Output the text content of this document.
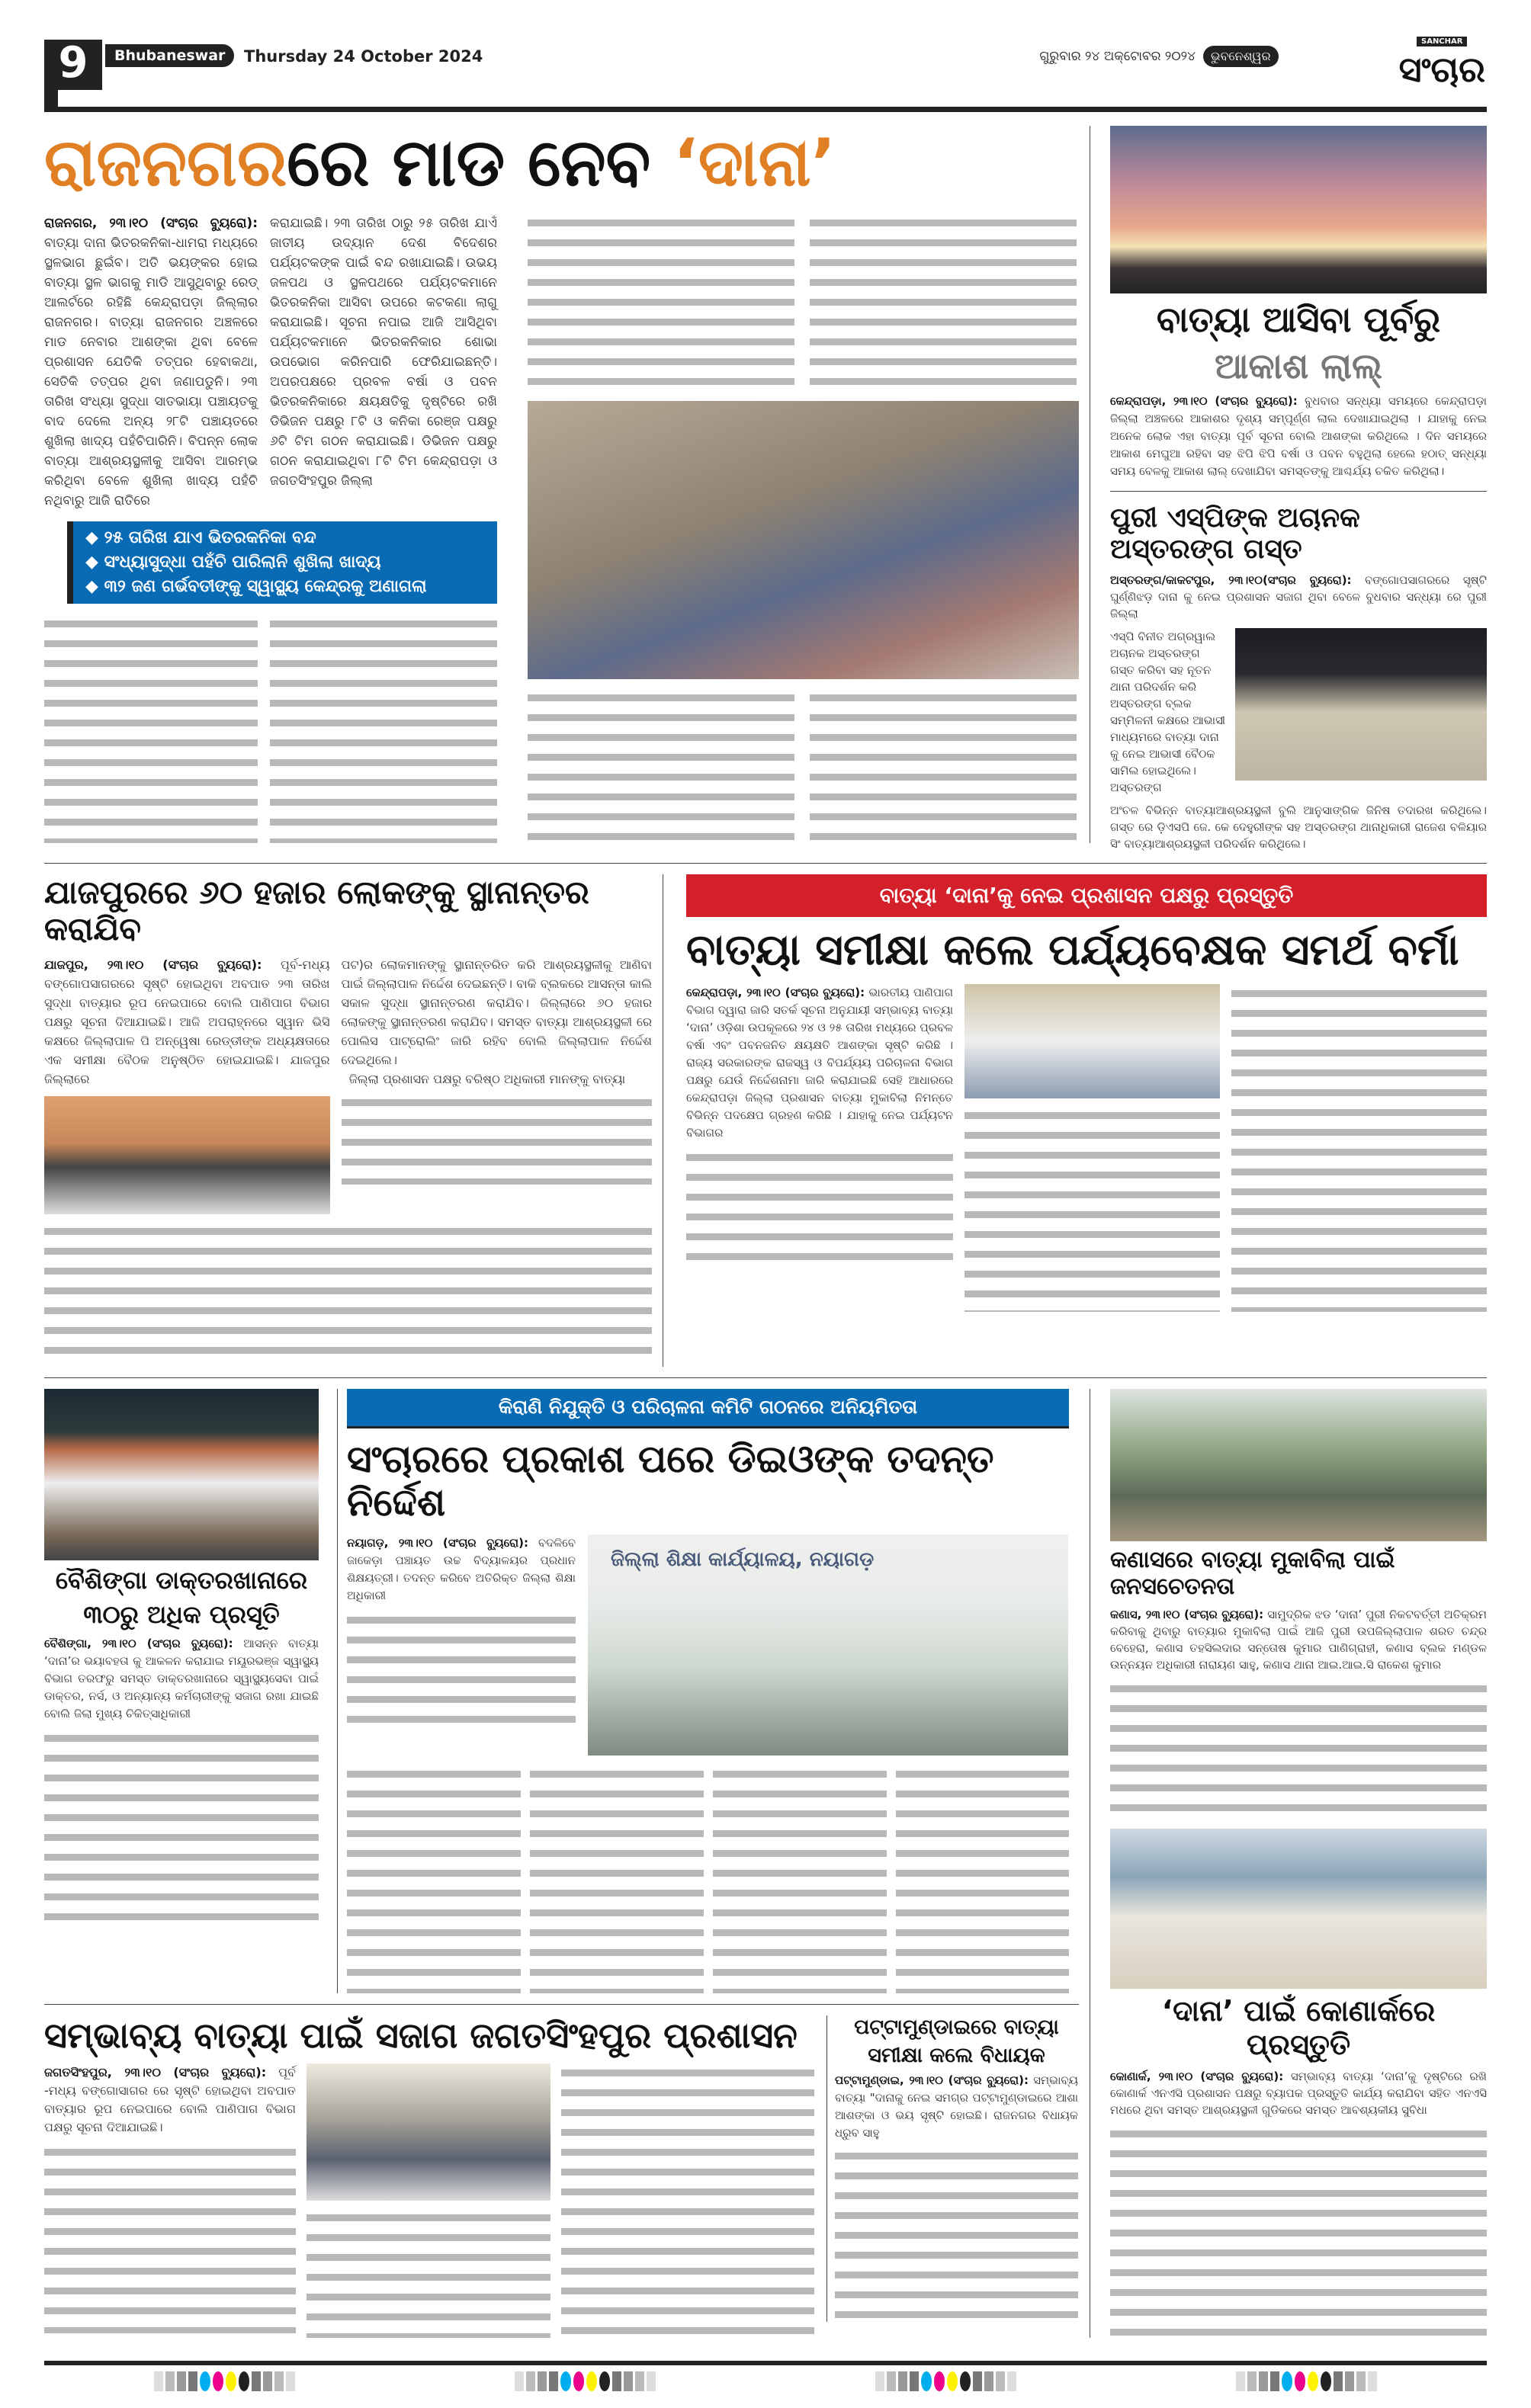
9	Bhubaneswar	Thursday 24 October 2024	ଗୁରୁବାର ୨୪ ଅକ୍ଟୋବର ୨୦୨୪	ଭୁବନେଶ୍ୱର
SANCHAR
ସଂଚାର
ରାଜନଗରରେ ମାଡ ନେବ ‘ଦାନା’
ରାଜନଗର, ୨୩।୧୦ (ସଂଚାର ବ୍ୟୁରୋ): ବାତ୍ୟା ଦାନା ଭିତରକନିକା-ଧାମରା ମଧ୍ୟରେ ସ୍ଥଳଭାଗ ଛୁଇଁବ। ଅତି ଭୟଙ୍କର ହୋଇ ବାତ୍ୟା ସ୍ଥଳ ଭାଗକୁ ମାଡି ଆସୁଥିବାରୁ ରେଡ୍ ଆଲର୍ଟରେ ରହିଛି କେନ୍ଦ୍ରାପଡ଼ା ଜିଲ୍ଲାର ରାଜନଗର। ବାତ୍ୟା ରାଜନଗର ଅଞ୍ଚଳରେ ମାଡ ନେବାର ଆଶଙ୍କା ଥିବା ବେଳେ ପ୍ରଶାସନ ଯେତିକି ତତ୍ପର ହେବାକଥା, ସେତିକି ତତ୍ପର ଥିବା ଜଣାପଡୁନି। ୨୩ ତାରିଖ ସଂଧ୍ୟା ସୁଦ୍ଧା ସାତଭାୟା ପଞ୍ଚାୟତକୁ ବାଦ ଦେଲେ ଅନ୍ୟ ୨୮ଟି ପଞ୍ଚାୟତରେ ଶୁଖିଲା ଖାଦ୍ୟ ପହଁଚିପାରିନି। ବିପନ୍ନ ଲୋକ ବାତ୍ୟା ଆଶ୍ରୟସ୍ଥଳୀକୁ ଆସିବା ଆରମ୍ଭ କରିଥିବା ବେଳେ ଶୁଖିଲା ଖାଦ୍ୟ ପହଁଚି ନଥିବାରୁ ଆଜି ରାତିରେ
କରାଯାଇଛି। ୨୩ ତାରିଖ ଠାରୁ ୨୫ ତାରିଖ ଯାଏଁ ଜାତୀୟ ଉଦ୍ୟାନ ଦେଶ ବିଦେଶର ପର୍ଯ୍ୟଟକଙ୍କ ପାଇଁ ବନ୍ଦ ରଖାଯାଇଛି। ଉଭୟ ଜଳପଥ ଓ ସ୍ଥଳପଥରେ ପର୍ଯ୍ୟଟକମାନେ ଭିତରକନିକା ଆସିବା ଉପରେ କଟକଣା ଲାଗୁ କରାଯାଇଛି। ସୂଚନା ନପାଇ ଆଜି ଆସିଥିବା ପର୍ଯ୍ୟଟକମାନେ ଭିତରକନିକାର ଶୋଭା ଉପଭୋଗ କରିନପାରି ଫେରିଯାଇଛନ୍ତି। ଅପରପକ୍ଷରେ ପ୍ରବଳ ବର୍ଷା ଓ ପବନ ଭିତରକନିକାରେ କ୍ଷୟକ୍ଷତିକୁ ଦୃଷ୍ଟିରେ ରଖି ଡିଭିଜନ ପକ୍ଷରୁ ୮ଟି ଓ କନିକା ରେଞ୍ଜ ପକ୍ଷରୁ ୬ଟି ଟିମ ଗଠନ କରାଯାଇଛି। ଡିଭିଜନ ପକ୍ଷରୁ ଗଠନ କରାଯାଇଥିବା ୮ଟି ଟିମ କେନ୍ଦ୍ରାପଡ଼ା ଓ ଜଗତସିଂହପୁର ଜିଲ୍ଲା
◆ ୨୫ ତାରିଖ ଯାଏ ଭିତରକନିକା ବନ୍ଦ
◆ ସଂଧ୍ୟାସୁଦ୍ଧା ପହଁଚି ପାରିଲାନି ଶୁଖିଲା ଖାଦ୍ୟ
◆ ୩୨ ଜଣ ଗର୍ଭବତୀଙ୍କୁ ସ୍ୱାସ୍ଥ୍ୟ କେନ୍ଦ୍ରକୁ ଅଣାଗଲା
ବାତ୍ୟା ଆସିବା ପୂର୍ବରୁ
ଆକାଶ ଲାଲ୍
କେନ୍ଦ୍ରାପଡ଼ା, ୨୩।୧୦ (ସଂଚାର ବ୍ୟୁରୋ): ବୁଧବାର ସନ୍ଧ୍ୟା ସମୟରେ କେନ୍ଦ୍ରାପଡ଼ା ଜିଲ୍ଲା ଅଞ୍ଚଳରେ ଆକାଶର ଦୃଶ୍ୟ ସମ୍ପୂର୍ଣ୍ଣ ଲାଲ ଦେଖାଯାଇଥିଲା । ଯାହାକୁ ନେଇ ଅନେକ ଲୋକ ଏହା ବାତ୍ୟା ପୂର୍ବ ସୂଚନା ବୋଲି ଆଶଙ୍କା କରିଥିଲେ । ଦିନ ସମୟରେ ଆକାଶ ମେଘୁଆ ରହିବା ସହ ଝିପି ଝିପି ବର୍ଷା ଓ ପବନ ବହୁଥିଲା ହେଲେ ହଠାତ୍ ସନ୍ଧ୍ୟା ସମୟ ବେଳକୁ ଆକାଶ ଲାଲ୍ ଦେଖାଯିବା ସମସ୍ତଙ୍କୁ ଆଶ୍ଚର୍ଯ୍ୟ ଚକିତ କରିଥିଲା।
ପୁରୀ ଏସ୍‌ପିଙ୍କ ଅଚାନକ ଅସ୍ତରଙ୍ଗ ଗସ୍ତ
ଅସ୍ତରଙ୍ଗ/କାକଟପୁର, ୨୩।୧୦(ସଂଚାର ବ୍ୟୁରୋ): ବଙ୍ଗୋପସାଗରରେ ସୃଷ୍ଟି ଘୁର୍ଣ୍ଣିଝଡ଼ ଦାନା କୁ ନେଇ ପ୍ରଶାସନ ସଜାଗ ଥିବା ବେଳେ ବୁଧବାର ସନ୍ଧ୍ୟା ରେ ପୁରୀ ଜିଲ୍ଲା
ଏସ୍ପି ବିନୀତ ଅଗ୍ରୱାଲ ଅଚାନକ ଅସ୍ତରଙ୍ଗ ଗସ୍ତ କରିବା ସହ ନୂତନ ଥାନା ପରିଦର୍ଶନ କରି ଅସ୍ତରଙ୍ଗ ବ୍ଲକ ସମ୍ମିଳନୀ କକ୍ଷରେ ଆଭାସୀ ମାଧ୍ୟମରେ ବାତ୍ୟା ଦାନା କୁ ନେଇ ଆଭାସୀ ବୈଠକ ସାମିଲ ହୋଇଥିଲେ। ଅସ୍ତରଙ୍ଗ
ଅଂଚଳ ବିଭିନ୍ନ ବାତ୍ୟାଆଶ୍ରୟସ୍ଥଳୀ ବୁଲି ଆନୁସାଙ୍ଗିକ ଜିନିଷ ତଦାରଖ କରିଥିଲେ। ଗସ୍ତ ରେ ଡ଼ିଏସପି ଜେ. କେ ଦେହୁରୀଙ୍କ ସହ ଅସ୍ତରଙ୍ଗ ଥାନାଧିକାରୀ ରାଜେଶ ବଳିୟାର ସିଂ ବାତ୍ୟାଆଶ୍ରୟସ୍ଥଳୀ ପରିଦର୍ଶନ କରିଥିଲେ।
ଯାଜପୁରରେ ୬୦ ହଜାର ଲୋକଙ୍କୁ ସ୍ଥାନାନ୍ତର କରାଯିବ
ଯାଜପୁର, ୨୩।୧୦ (ସଂଚାର ବ୍ୟୁରୋ): ପୂର୍ବ-ମଧ୍ୟ ବଙ୍ଗୋପସାଗରରେ ସୃଷ୍ଟି ହୋଇଥିବା ଅବପାତ ୨୩ ତାରିଖ ସୁଦ୍ଧା ବାତ୍ୟାର ରୂପ ନେଇପାରେ ବୋଲି ପାଣିପାଗ ବିଭାଗ ପକ୍ଷରୁ ସୂଚନା ଦିଆଯାଇଛି। ଆଜି ଅପରାହ୍ନରେ ସ୍ୱାନ ଭିସି କକ୍ଷରେ ଜିଲ୍ଲାପାଳ ପି ଅନ୍ୱେଷା ରେଡ୍ଡୀଙ୍କ ଅଧ୍ୟକ୍ଷତାରେ ଏକ ସମୀକ୍ଷା ବୈଠକ ଅନୁଷ୍ଠିତ ହୋଇଯାଇଛି। ଯାଜପୁର ଜିଲ୍ଲାରେ
ପଟ)ର ଲୋକମାନଙ୍କୁ ସ୍ଥାନାନ୍ତରିତ କରି ଆଶ୍ରୟସ୍ଥଳୀକୁ ଆଣିବା ପାଇଁ ଜିଲ୍ଲାପାଳ ନିର୍ଦ୍ଦେଶ ଦେଇଛନ୍ତି। ବାକି ବ୍ଲକରେ ଆସନ୍ତା କାଲି ସକାଳ ସୁଦ୍ଧା ସ୍ଥାନାନ୍ତରଣ କରାଯିବ। ଜିଲ୍ଲାରେ ୬୦ ହଜାର ଲୋକଙ୍କୁ ସ୍ଥାନାନ୍ତରଣ କରାଯିବ। ସମସ୍ତ ବାତ୍ୟା ଆଶ୍ରୟସ୍ଥଳୀ ରେ ପୋଲିସ ପାଟ୍ରୋଲିଂ ଜାରି ରହିବ ବୋଲି ଜିଲ୍ଲାପାଳ ନିର୍ଦ୍ଦେଶ ଦେଇଥିଲେ।
ଜିଲ୍ଲା ପ୍ରଶାସନ ପକ୍ଷରୁ ବରିଷ୍ଠ ଅଧିକାରୀ ମାନଙ୍କୁ ବାତ୍ୟା
ବାତ୍ୟା ‘ଦାନା’କୁ ନେଇ ପ୍ରଶାସନ ପକ୍ଷରୁ ପ୍ରସ୍ତୁତି
ବାତ୍ୟା ସମୀକ୍ଷା କଲେ ପର୍ଯ୍ୟବେକ୍ଷକ ସମର୍ଥ ବର୍ମା
କେନ୍ଦ୍ରାପଡ଼ା, ୨୩।୧୦ (ସଂଚାର ବ୍ୟୁରୋ): ଭାରତୀୟ ପାଣିପାଗ ବିଭାଗ ଦ୍ୱାରା ଜାରି ସତର୍କ ସୂଚନା ଅନୁଯାୟୀ ସମ୍ଭାବ୍ୟ ବାତ୍ୟା ‘ଦାନା’ ଓଡ଼ିଶା ଉପକୂଳରେ ୨୪ ଓ ୨୫ ତାରିଖ ମଧ୍ୟରେ ପ୍ରବଳ ବର୍ଷା ଏବଂ ପବନଜନିତ କ୍ଷୟକ୍ଷତି ଆଶଙ୍କା ସୃଷ୍ଟି କରିଛି । ରାଜ୍ୟ ସରକାରଙ୍କ ରାଜସ୍ୱ ଓ ବିପର୍ଯ୍ୟୟ ପରିଚାଳନା ବିଭାଗ ପକ୍ଷରୁ ଯେଉଁ ନିର୍ଦ୍ଦେଶନାମା ଜାରି କରାଯାଇଛି ସେହି ଆଧାରରେ କେନ୍ଦ୍ରାପଡ଼ା ଜିଲ୍ଲା ପ୍ରଶାସନ ବାତ୍ୟା ମୁକାବିଲା ନିମନ୍ତେ ବିଭିନ୍ନ ପଦକ୍ଷେପ ଗ୍ରହଣ କରିଛି । ଯାହାକୁ ନେଇ ପର୍ଯ୍ୟଟନ ବିଭାଗର
ବୈଶିଙ୍ଗା ଡାକ୍ତରଖାନାରେ
୩୦ରୁ ଅଧିକ ପ୍ରସୂତି
ବୈଶିଙ୍ଗା, ୨୩।୧୦ (ସଂଚାର ବ୍ୟୁରୋ): ଆସନ୍ନ ବାତ୍ୟା ‘ଦାନା’ର ଭୟାବହତା କୁ ଆକଳନ କରାଯାଇ ମୟୂରଭଞ୍ଜ ସ୍ୱାସ୍ଥ୍ୟ ବିଭାଗ ତରଫରୁ ସମସ୍ତ ଡାକ୍ତରଖାନାରେ ସ୍ୱାସ୍ଥ୍ୟସେବା ପାଇଁ ଡାକ୍ତର, ନର୍ସ, ଓ ଅନ୍ୟାନ୍ୟ କର୍ମଚାରୀଙ୍କୁ ସଜାଗ ରଖା ଯାଇଛି ବୋଲି ଜିଲା ମୁଖ୍ୟ ଚିକିତ୍ସାଧିକାରୀ
କିରାଣି ନିଯୁକ୍ତି ଓ ପରିଚାଳନା କମିଟି ଗଠନରେ ଅନିୟମିତତା
ସଂଚାରରେ ପ୍ରକାଶ ପରେ ଡିଇଓଙ୍କ ତଦନ୍ତ ନିର୍ଦ୍ଦେଶ
ନୟାଗଡ଼, ୨୩।୧୦ (ସଂଚାର ବ୍ୟୁରୋ): ବଦଳିବେ ଜାକେଡ଼ା ପଞ୍ଚାୟତ ଉଚ୍ଚ ବିଦ୍ୟାଳୟର ପ୍ରଧାନ ଶିକ୍ଷୟତ୍ରୀ। ତଦନ୍ତ କରିବେ ଅତିରିକ୍ତ ଜିଲ୍ଲା ଶିକ୍ଷା ଅଧିକାରୀ
ଜିଲ୍ଲା ଶିକ୍ଷା କାର୍ଯ୍ୟାଳୟ, ନୟାଗଡ଼
ସମ୍ଭାବ୍ୟ ବାତ୍ୟା ପାଇଁ ସଜାଗ ଜଗତସିଂହପୁର ପ୍ରଶାସନ
ଜଗତସିଂହପୁର, ୨୩।୧୦ (ସଂଚାର ବ୍ୟୁରୋ): ପୂର୍ବ -ମଧ୍ୟ ବଙ୍ଗୋସାଗର ରେ ସୃଷ୍ଟି ହୋଇଥିବା ଅବପାତ ବାତ୍ୟାର ରୂପ ନେଇପାରେ ବୋଲି ପାଣିପାଗ ବିଭାଗ ପକ୍ଷରୁ ସୂଚନା ଦିଆଯାଇଛି।
ପଟ୍ଟାମୁଣ୍ଡାଇରେ ବାତ୍ୟା
ସମୀକ୍ଷା କଲେ ବିଧାୟକ
ପଟ୍ଟାମୁଣ୍ଡାଇ, ୨୩।୧୦ (ସଂଚାର ବ୍ୟୁରୋ): ସମ୍ଭାବ୍ୟ ବାତ୍ୟା "ଦାନାକୁ ନେଇ ସମଗ୍ର ପଟ୍ଟାମୁଣ୍ଡାଇରେ ଆଶା ଆଶଙ୍କା ଓ ଭୟ ସୃଷ୍ଟି ହୋଇଛି। ରାଜନଗର ବିଧାୟକ ଧ୍ରୁବ ସାହୁ
କଣାସରେ ବାତ୍ୟା ମୁକାବିଲା ପାଇଁ ଜନସଚେତନତା
କଣାସ, ୨୩।୧୦ (ସଂଚାର ବ୍ୟୁରୋ): ସାମୁଦ୍ରିକ ଝଡ ‘ଦାନା’ ପୁରୀ ନିକଟବର୍ତ୍ତୀ ଅତିକ୍ରମ କରିବାକୁ ଥିବାରୁ ବାତ୍ୟାର ମୁକାବିଲା ପାଇଁ ଆଜି ପୁରୀ ଉପଜିଲ୍ଲାପାଳ ଶରତ ଚନ୍ଦ୍ର ବେହେରା, କଣାସ ତହସିଲଦାର ସନ୍ତୋଷ କୁମାର ପାଣିଗ୍ରାହୀ, କଣାସ ବ୍ଲକ ମଣ୍ଡଳ ଉନ୍ନୟନ ଅଧିକାରୀ ନାରାୟଣ ସାହୁ, କଣାସ ଥାନା ଆଇ.ଆଇ.ସି ରାକେଶ କୁମାର
‘ଦାନା’ ପାଇଁ କୋଣାର୍କରେ ପ୍ରସ୍ତୁତି
କୋଣାର୍କ, ୨୩।୧୦ (ସଂଚାର ବ୍ୟୁରୋ): ସମ୍ଭାବ୍ୟ ବାତ୍ୟା ‘ଦାନା’କୁ ଦୃଷ୍ଟିରେ ରଖି କୋଣାର୍କ ଏନଏସି ପ୍ରଶାସନ ପକ୍ଷରୁ ବ୍ୟାପକ ପ୍ରସ୍ତୁତି କାର୍ଯ୍ୟ କରାଯିବା ସହିତ ଏନଏସି ମଧରେ ଥିବା ସମସ୍ତ ଆଶ୍ରୟସ୍ଥଳୀ ଗୁଡିକରେ ସମସ୍ତ ଆବଶ୍ୟକୀୟ ସୁବିଧା
